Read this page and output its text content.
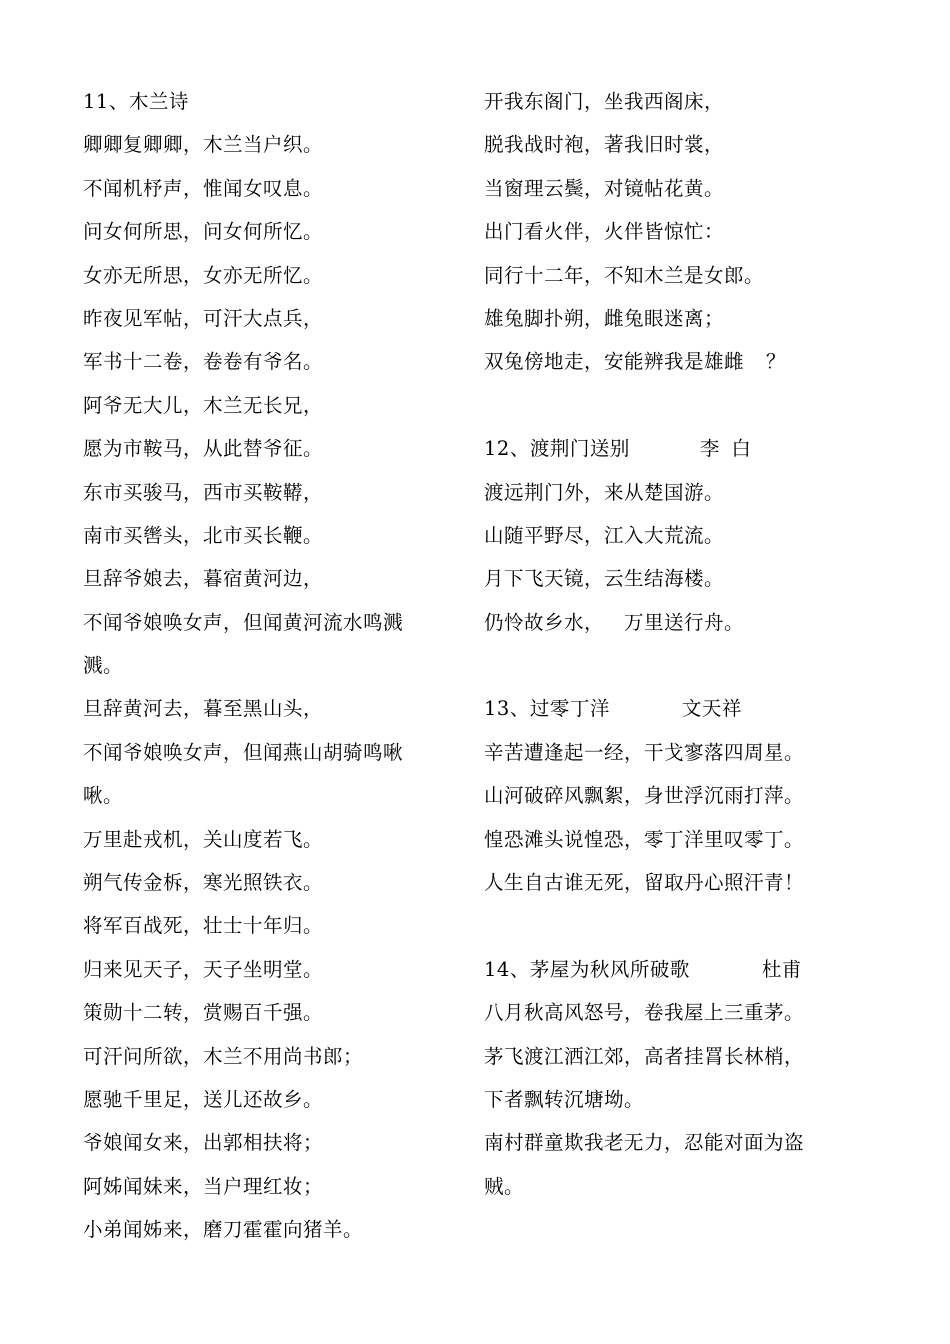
11、木兰诗
卿卿复卿卿，木兰当户织。
不闻机杼声，惟闻女叹息。
问女何所思，问女何所忆。
女亦无所思，女亦无所忆。
昨夜见军帖，可汗大点兵，
军书十二卷，卷卷有爷名。
阿爷无大儿，木兰无长兄，
愿为市鞍马，从此替爷征。
东市买骏马，西市买鞍鞯，
南市买辔头，北市买长鞭。
旦辞爷娘去，暮宿黄河边，
不闻爷娘唤女声，但闻黄河流水鸣溅
溅。
旦辞黄河去，暮至黑山头，
不闻爷娘唤女声，但闻燕山胡骑鸣啾
啾。
万里赴戎机，关山度若飞。
朔气传金柝，寒光照铁衣。
将军百战死，壮士十年归。
归来见天子，天子坐明堂。
策勋十二转，赏赐百千强。
可汗问所欲，木兰不用尚书郎；
愿驰千里足，送儿还故乡。
爷娘闻女来，出郭相扶将；
阿姊闻妹来，当户理红妆；
小弟闻姊来，磨刀霍霍向猪羊。
开我东阁门，坐我西阁床，
脱我战时袍，著我旧时裳，
当窗理云鬓，对镜帖花黄。
出门看火伴，火伴皆惊忙：
同行十二年，不知木兰是女郎。
雄兔脚扑朔，雌兔眼迷离；
双兔傍地走，安能辨我是雄雌 ？
12、渡荆门送别	李白
渡远荆门外，来从楚国游。
山随平野尽，江入大荒流。
月下飞天镜，云生结海楼。
仍怜故乡水， 万里送行舟。
13、过零丁洋	文天祥
辛苦遭逢起一经，干戈寥落四周星。
山河破碎风飘絮，身世浮沉雨打萍。
惶恐滩头说惶恐，零丁洋里叹零丁。
人生自古谁无死，留取丹心照汗青！
14、茅屋为秋风所破歌	杜甫
八月秋高风怒号，卷我屋上三重茅。
茅飞渡江洒江郊，高者挂罥长林梢，
下者飘转沉塘坳。
南村群童欺我老无力，忍能对面为盗
贼。
